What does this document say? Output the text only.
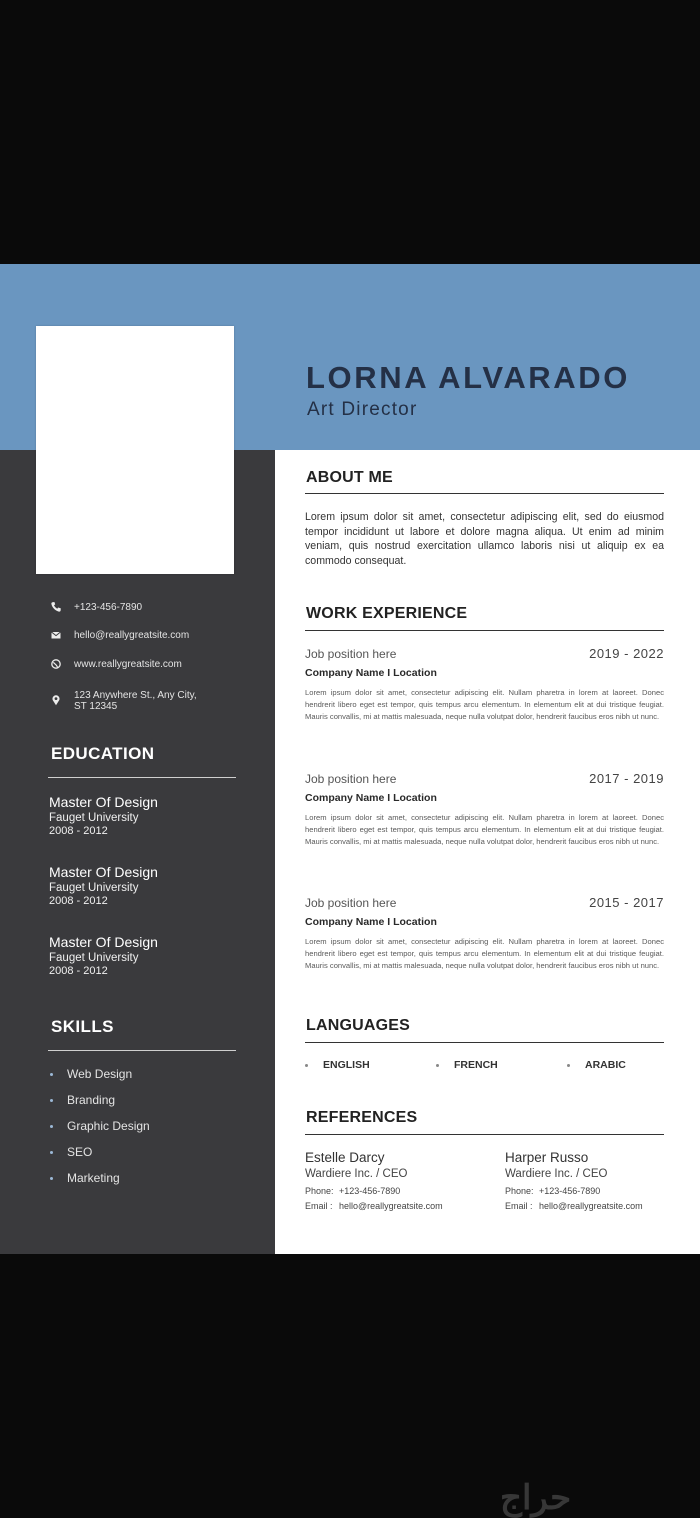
LORNA ALVARADO
Art Director
+123-456-7890
hello@reallygreatsite.com
www.reallygreatsite.com
123 Anywhere St., Any City,
ST 12345
EDUCATION
Master Of Design
Fauget University
2008 - 2012
Master Of Design
Fauget University
2008 - 2012
Master Of Design
Fauget University
2008 - 2012
SKILLS
Web Design
Branding
Graphic Design
SEO
Marketing
ABOUT ME

Lorem ipsum dolor sit amet, consectetur adipiscing elit, sed do eiusmod tempor incididunt ut labore et dolore magna aliqua. Ut enim ad minim veniam, quis nostrud exercitation ullamco laboris nisi ut aliquip ex ea commodo consequat.

WORK EXPERIENCE
Job position here	2019 - 2022
Company Name I Location
Lorem ipsum dolor sit amet, consectetur adipiscing elit. Nullam pharetra in lorem at laoreet. Donec hendrerit libero eget est tempor, quis tempus arcu elementum. In elementum elit at dui tristique feugiat. Mauris convallis, mi at mattis malesuada, neque nulla volutpat dolor, hendrerit faucibus eros nibh ut nunc.
Job position here	2017 - 2019
Company Name I Location
Lorem ipsum dolor sit amet, consectetur adipiscing elit. Nullam pharetra in lorem at laoreet. Donec hendrerit libero eget est tempor, quis tempus arcu elementum. In elementum elit at dui tristique feugiat. Mauris convallis, mi at mattis malesuada, neque nulla volutpat dolor, hendrerit faucibus eros nibh ut nunc.
Job position here	2015 - 2017
Company Name I Location
Lorem ipsum dolor sit amet, consectetur adipiscing elit. Nullam pharetra in lorem at laoreet. Donec hendrerit libero eget est tempor, quis tempus arcu elementum. In elementum elit at dui tristique feugiat. Mauris convallis, mi at mattis malesuada, neque nulla volutpat dolor, hendrerit faucibus eros nibh ut nunc.
LANGUAGES
ENGLISH	FRENCH	ARABIC
REFERENCES
Estelle Darcy
Wardiere Inc. / CEO
Phone: +123-456-7890
Email : hello@reallygreatsite.com
Harper Russo
Wardiere Inc. / CEO
Phone: +123-456-7890
Email : hello@reallygreatsite.com
حراج
